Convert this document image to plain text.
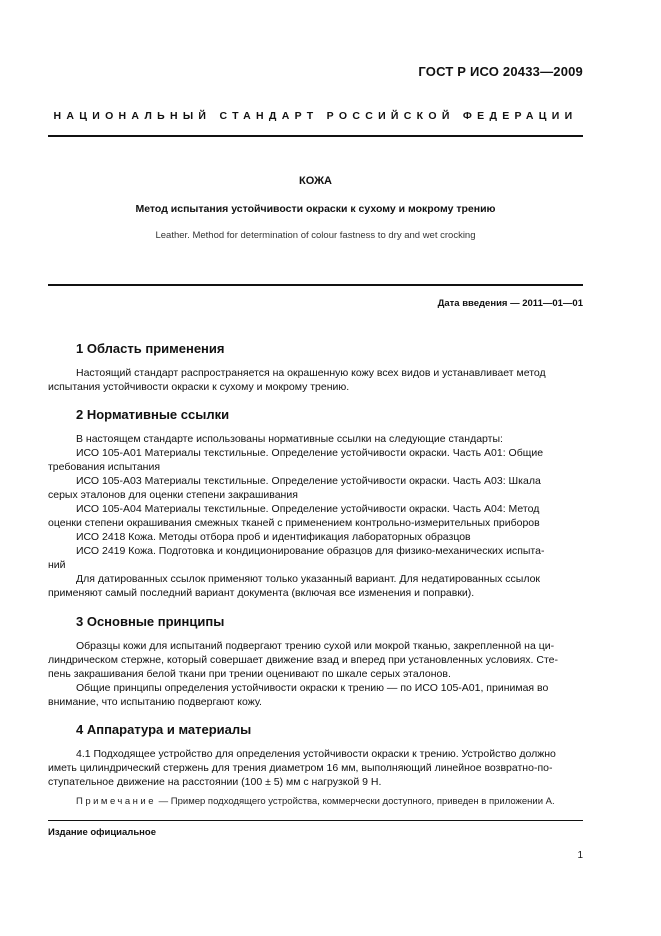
ГОСТ Р ИСО 20433—2009
НАЦИОНАЛЬНЫЙ СТАНДАРТ РОССИЙСКОЙ ФЕДЕРАЦИИ
КОЖА
Метод испытания устойчивости окраски к сухому и мокрому трению
Leather. Method for determination of colour fastness to dry and wet crocking
Дата введения — 2011—01—01
1 Область применения
Настоящий стандарт распространяется на окрашенную кожу всех видов и устанавливает метод
испытания устойчивости окраски к сухому и мокрому трению.
2 Нормативные ссылки
В настоящем стандарте использованы нормативные ссылки на следующие стандарты:
ИСО 105-А01 Материалы текстильные. Определение устойчивости окраски. Часть А01: Общие
требования испытания
ИСО 105-А03 Материалы текстильные. Определение устойчивости окраски. Часть А03: Шкала
серых эталонов для оценки степени закрашивания
ИСО 105-А04 Материалы текстильные. Определение устойчивости окраски. Часть А04: Метод
оценки степени окрашивания смежных тканей с применением контрольно-измерительных приборов
ИСО 2418 Кожа. Методы отбора проб и идентификация лабораторных образцов
ИСО 2419 Кожа. Подготовка и кондиционирование образцов для физико-механических испыта-
ний
Для датированных ссылок применяют только указанный вариант. Для недатированных ссылок
применяют самый последний вариант документа (включая все изменения и поправки).
3 Основные принципы
Образцы кожи для испытаний подвергают трению сухой или мокрой тканью, закрепленной на ци-
линдрическом стержне, который совершает движение взад и вперед при установленных условиях. Сте-
пень закрашивания белой ткани при трении оценивают по шкале серых эталонов.
Общие принципы определения устойчивости окраски к трению — по ИСО 105-А01, принимая во
внимание, что испытанию подвергают кожу.
4 Аппаратура и материалы
4.1 Подходящее устройство для определения устойчивости окраски к трению. Устройство должно
иметь цилиндрический стержень для трения диаметром 16 мм, выполняющий линейное возвратно-по-
ступательное движение на расстоянии (100 ± 5) мм с нагрузкой 9 Н.
Примечание — Пример подходящего устройства, коммерчески доступного, приведен в приложении А.
Издание официальное
1
